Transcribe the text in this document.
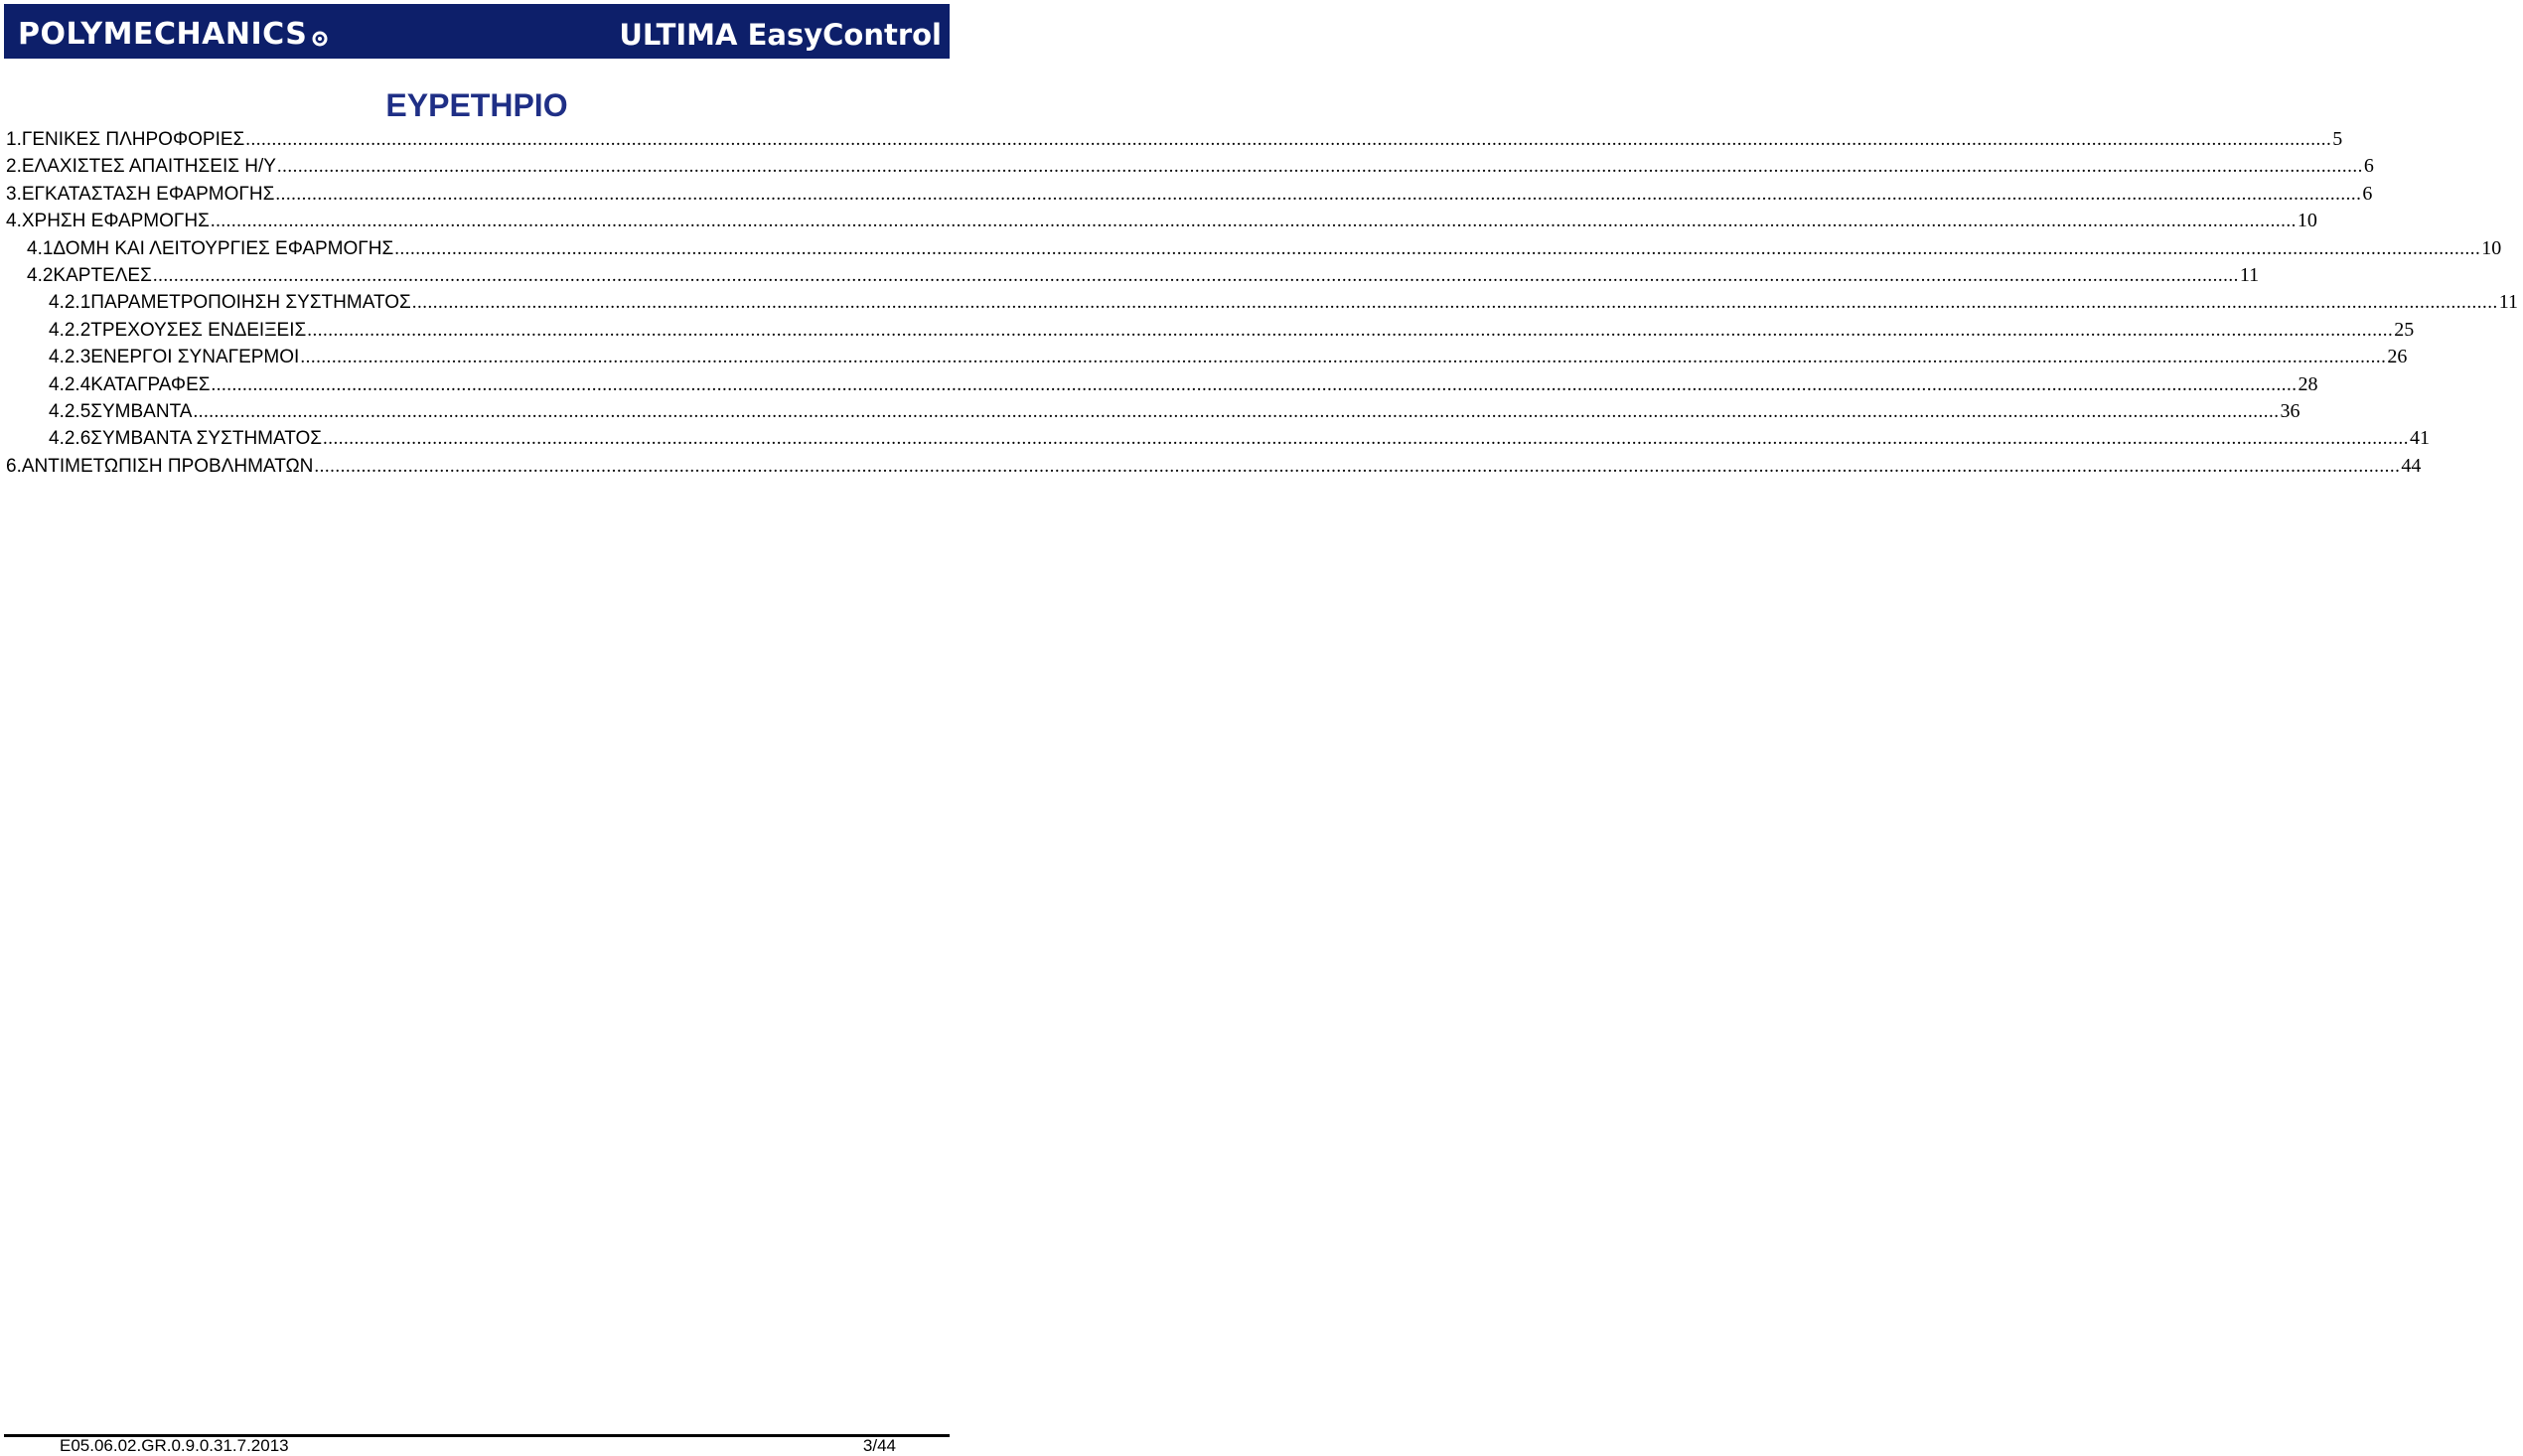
POLYMECHANICS	ULTIMA EasyControl
ΕΥΡΕΤΗΡΙΟ
1. ΓΕΝΙΚΕΣ ΠΛΗΡΟΦΟΡΙΕΣ ................................................................................................................................................................................................................................................................................................................................................................................................................ 5
2. ΕΛΑΧΙΣΤΕΣ ΑΠΑΙΤΗΣΕΙΣ Η/Υ ................................................................................................................................................................................................................................................................................................................................................................................................................ 6
3. ΕΓΚΑΤΑΣΤΑΣΗ ΕΦΑΡΜΟΓΗΣ ................................................................................................................................................................................................................................................................................................................................................................................................................ 6
4. ΧΡΗΣΗ ΕΦΑΡΜΟΓΗΣ ................................................................................................................................................................................................................................................................................................................................................................................................................ 10
4.1 ΔΟΜΗ ΚΑΙ ΛΕΙΤΟΥΡΓΙΕΣ ΕΦΑΡΜΟΓΗΣ ................................................................................................................................................................................................................................................................................................................................................................................................................ 10
4.2 ΚΑΡΤΕΛΕΣ ................................................................................................................................................................................................................................................................................................................................................................................................................ 11
4.2.1 ΠΑΡΑΜΕΤΡΟΠΟΙΗΣΗ ΣΥΣΤΗΜΑΤΟΣ ................................................................................................................................................................................................................................................................................................................................................................................................................ 11
4.2.2 ΤΡΕΧΟΥΣΕΣ ΕΝΔΕΙΞΕΙΣ ................................................................................................................................................................................................................................................................................................................................................................................................................ 25
4.2.3 ΕΝΕΡΓΟΙ ΣΥΝΑΓΕΡΜΟΙ ................................................................................................................................................................................................................................................................................................................................................................................................................ 26
4.2.4 ΚΑΤΑΓΡΑΦΕΣ ................................................................................................................................................................................................................................................................................................................................................................................................................ 28
4.2.5 ΣΥΜΒΑΝΤΑ ................................................................................................................................................................................................................................................................................................................................................................................................................ 36
4.2.6 ΣΥΜΒΑΝΤΑ ΣΥΣΤΗΜΑΤΟΣ ................................................................................................................................................................................................................................................................................................................................................................................................................ 41
6. ΑΝΤΙΜΕΤΩΠΙΣΗ ΠΡΟΒΛΗΜΑΤΩΝ ................................................................................................................................................................................................................................................................................................................................................................................................................ 44
E05.06.02.GR.0.9.0.31.7.2013	3/44
